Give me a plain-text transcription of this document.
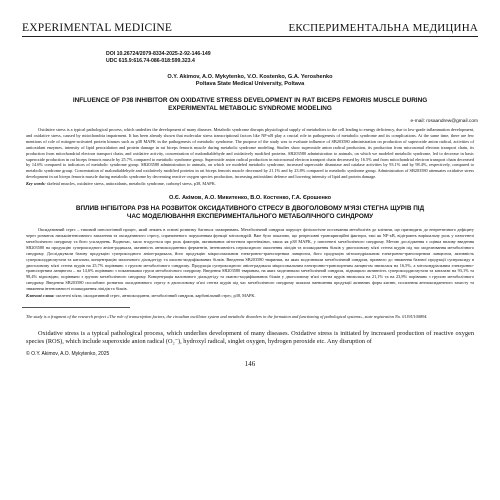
EXPERIMENTAL MEDICINE	ЕКСПЕРИМЕНТАЛЬНА МЕДИЦИНА
DOI 10.26724/2079-8334-2025-2-92-146-149
UDC 615.9:616.74-086-018:599.323.4
O.Y. Akimov, A.O. Mykytenko, V.O. Kostenko, G.A. Yeroshenko
Poltava State Medical University, Poltava
INFLUENCE OF P38 INHIBITOR ON OXIDATIVE STRESS DEVELOPMENT IN RAT BICEPS FEMORIS MUSCLE DURING EXPERIMENTAL METABOLIC SYNDROME MODELING
e-mail: rosaandrew@gmail.com

Oxidative stress is a typical pathological process, which underlies the development of many diseases. Metabolic syndrome disrupts physiological supply of metabolites to the cell leading to energy deficiency, due to low-grade inflammation development, and oxidative stress, caused by mitochondria impairment. It has been already shown that molecular stress transcriptional factors like NF-κB play a crucial role in pathogenesis of metabolic syndrome and its complications. At the same time, there are few mentions of role of mitogen-activated protein kinases such as p38 MAPK in the pathogenesis of metabolic syndrome. The purpose of the study was to evaluate influence of SB203580 administration on production of superoxide anion radical, activities of antioxidant enzymes, intensity of lipid peroxidation and protein damage in rat biceps femoris muscle during metabolic syndrome modeling. Studies show superoxide anion radical production, its production from microsomal electron transport chain, its production from mitochondrial electron transport chain, and oxidative activity, concentration of malondialdehyde and oxidatively modified proteins. SB203580 administration to animals, on which we modeled metabolic syndrome, led to decrease in basic superoxide production in rat biceps femoris muscle by 25.7% compared to metabolic syndrome group. Superoxide anion radical production in microsomal electron transport chain decreased by 16.5% and from mitochondrial electron transport chain decreased by 14.6% compared to indicators of metabolic syndrome group. SB203580 administration to animals, on which we modeled metabolic syndrome, increased superoxide dismutase and catalase activities by 93.1% and by 98.4%, respectively, compared to metabolic syndrome group. Concentration of malondialdehyde and oxidatively modified proteins in rat biceps femoris muscle decreased by 21.1% and by 23.8% compared to metabolic syndrome group. Administration of SB203580 attenuates oxidative stress development in rat biceps femoris muscle during metabolic syndrome by decreasing reactive oxygen species production, increasing antioxidant defence and lowering intensity of lipid and protein damage.

Key words: skeletal muscles, oxidative stress, antioxidants, metabolic syndrome, carbonyl stress, p38, MAPK.
О.Є. Акімов, А.О. Микитенко, В.О. Костенко, Г.А. Єрошенко
ВПЛИВ ІНГІБІТОРА P38 НА РОЗВИТОК ОКСИДАТИВНОГО СТРЕСУ В ДВОГОЛОВОМУ М'ЯЗІ СТЕГНА ЩУРІВ ПІД ЧАС МОДЕЛЮВАННЯ ЕКСПЕРИМЕНТАЛЬНОГО МЕТАБОЛІЧНОГО СИНДРОМУ

Оксидативний стрес – типовий патологічний процес, який лежить в основі розвитку багатьох захворювань. Метаболічний синдром порушує фізіологічне постачання метаболітів до клітини, що призводить до енергетичного дефіциту через розвиток низькоінтенсивного запалення та оксидативного стресу, спричиненого порушенням функції мітохондрій. Вже було показано, що репресивні транскрипційні фактори, такі як NF-κB, відіграють вирішальну роль у патогенезі метаболічного синдрому та його ускладнень. Водночас, мало згадується про роль факторів, активованих мітогеном протеїнкіназ, таких як p38 MAPK, у патогенезі метаболічного синдрому. Метою дослідження є оцінка впливу введення SB203580 на продукцію супероксидного аніон-радикала, активність антиоксидантних ферментів, інтенсивність пероксидного окиснення ліпідів та пошкодження білків у двоголовому м'язі стегна щурів під час моделювання метаболічного синдрому. Досліджували базову продукцію супероксидного аніон-радикала, його продукцію мікросомальним електронно-транспортним ланцюгом, його продукцію мітохондріальним електронно-транспортним ланцюгом, активність супероксиддисмутази та каталази, концентрацію малонового діальдегіду та окисно-модифікованих білків. Введення SB203580 тваринам, на яких моделювали метаболічний синдром, призвело до зниження базової продукції супероксиду в двоголовому м'язі стегна щурів на 25,7% порівняно з групою метаболічного синдрому. Продукція супероксидного аніон-радикала мікросомальним електронно-транспортним ланцюгом знизилася на 16,5%, а мітохондріальним електронно-транспортним ланцюгом – на 14,6% порівняно з показниками групи метаболічного синдрому. Введення SB203580 тваринам, на яких моделювали метаболічний синдром, підвищило активність супероксиддисмутази та каталази на 93,1% та 98,4% відповідно, порівняно з групою метаболічного синдрому. Концентрація малонового діальдегіду та окисно-модифікованих білків у двоголовому м'язі стегна щурів знизилася на 21,1% та на 23,8% порівняно з групою метаболічного синдрому. Введення SB203580 послаблює розвиток оксидативного стресу в двоголовому м'язі стегна щурів під час метаболічного синдрому шляхом зменшення продукції активних форм кисню, посилення антиоксидантного захисту та зниження інтенсивності пошкодження ліпідів та білків.

Ключові слова: скелетні м'язи, оксидативний стрес, антиоксиданти, метаболічний синдром, карбонільний стрес, p38, MAPK.
The study is a fragment of the research project «The role of transcription factors, the circadian oscillator system and metabolic disorders in the formation and functioning of pathological systems», state registration No. 0119U100894.

Oxidative stress is a typical pathological process, which underlies development of many diseases. Oxidative stress is initiated by increased production of reactive oxygen species (ROS), which include superoxide anion radical (O₂⁻), hydroxyl radical, singlet oxygen, hydrogen peroxide etc. Any disruption of

© O.Y. Akimov, A.O. Mykytenko, 2025
146
